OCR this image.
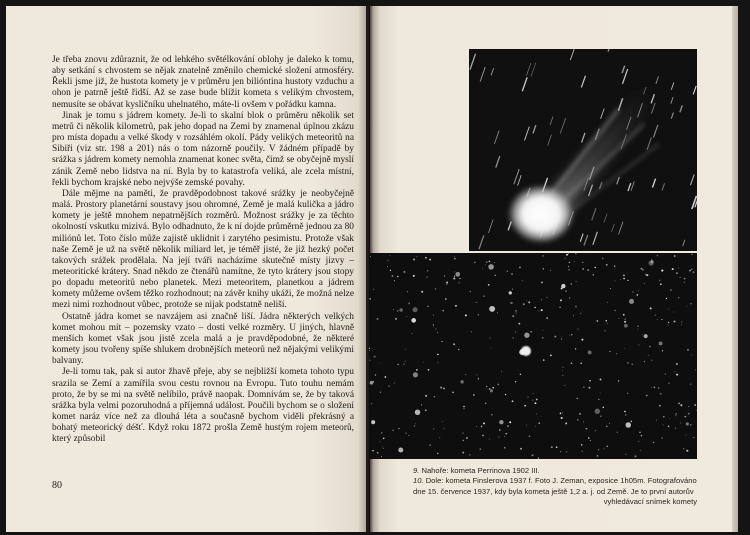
Je třeba znovu zdůraznit, že od lehkého světélkování oblohy je daleko k tomu, aby setkání s chvostem se nějak znatelně změnilo chemické složení atmosféry. Řekli jsme již, že hustota komety je v průměru jen bilióntina hustoty vzduchu a ohon je patrně ještě řidší. Až se zase bude blížit kometa s velikým chvostem, nemusíte se obávat kysličníku uhelnatého, máte-li ovšem v pořádku kamna.

Jinak je tomu s jádrem komety. Je-li to skalní blok o průměru několik set metrů či několik kilometrů, pak jeho dopad na Zemi by znamenal úplnou zkázu pro místa dopadu a velké škody v rozsáhlém okolí. Pády velikých meteoritů na Sibiři (viz str. 198 a 201) nás o tom názorně poučily. V žádném případě by srážka s jádrem komety nemohla znamenat konec světa, čímž se obyčejně myslí zánik Země nebo lidstva na ní. Byla by to katastrofa veliká, ale zcela místní, řekli bychom krajské nebo nejvýše zemské povahy.

Dále mějme na paměti, že pravděpodobnost takové srážky je neobyčejně malá. Prostory planetární soustavy jsou ohromné, Země je malá kulička a jádro komety je ještě mnohem nepatrnějších rozměrů. Možnost srážky je za těchto okolností vskutku mizivá. Bylo odhadnuto, že k ní dojde průměrně jednou za 80 miliónů let. Toto číslo může zajistě uklidnit i zarytého pesimistu. Protože však naše Země je už na světě několik miliard let, je téměř jisté, že již hezký počet takových srážek prodělala. Na její tváři nacházíme skutečně místy jizvy – meteoritické krátery. Snad někdo ze čtenářů namítne, že tyto krátery jsou stopy po dopadu meteoritů nebo planetek. Mezi meteoritem, planetkou a jádrem komety můžeme ovšem těžko rozhodnout; na závěr knihy ukáži, že možná nelze mezi nimi rozhodnout vůbec, protože se nijak podstatně neliší.

Ostatně jádra komet se navzájem asi značně liší. Jádra některých velkých komet mohou mít – pozemsky vzato – dosti velké rozměry. U jiných, hlavně menších komet však jsou jistě zcela malá a je pravděpodobné, že některé komety jsou tvořeny spíše shlukem drobnějších meteorů než nějakými velikými balvany.

Je-li tomu tak, pak si autor žhavě přeje, aby se nejbližší kometa tohoto typu srazila se Zemí a zamířila svou cestu rovnou na Evropu. Tuto touhu nemám proto, že by se mi na světě nelíbilo, právě naopak. Domnívám se, že by taková srážka byla velmi pozoruhodná a příjemná událost. Poučili bychom se o složení komet naráz více než za dlouhá léta a současně bychom viděli překrásný a bohatý meteorický déšť. Když roku 1872 prošla Země hustým rojem meteorů, který způsobil

80

9. Nahoře: kometa Perrinova 1902 III.

10. Dole: kometa Finslerova 1937 f. Foto J. Zeman, exposice 1h05m. Fotografováno dne 15. července 1937, kdy byla kometa ještě 1,2 a. j. od Země. Je to první autorův

vyhledávací snímek komety
